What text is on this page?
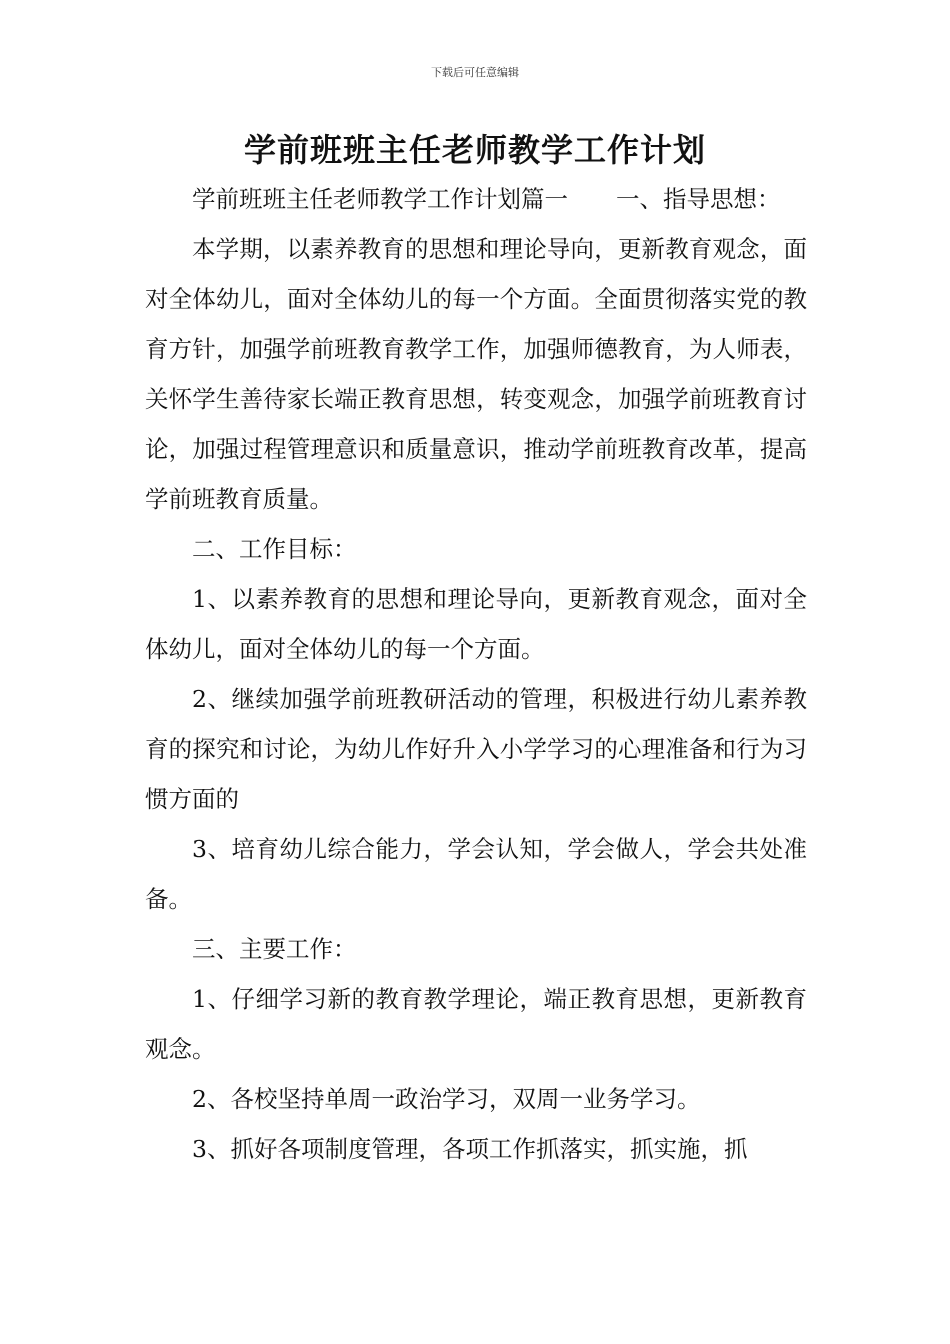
下载后可任意编辑
学前班班主任老师教学工作计划

学前班班主任老师教学工作计划篇一 一、指导思想：

本学期，以素养教育的思想和理论导向，更新教育观念，面对全体幼儿，面对全体幼儿的每一个方面。全面贯彻落实党的教育方针，加强学前班教育教学工作，加强师德教育，为人师表，关怀学生善待家长端正教育思想，转变观念，加强学前班教育讨论，加强过程管理意识和质量意识，推动学前班教育改革，提高学前班教育质量。

二、工作目标：

1、以素养教育的思想和理论导向，更新教育观念，面对全体幼儿，面对全体幼儿的每一个方面。

2、继续加强学前班教研活动的管理，积极进行幼儿素养教育的探究和讨论，为幼儿作好升入小学学习的心理准备和行为习惯方面的

3、培育幼儿综合能力，学会认知，学会做人，学会共处准备。

三、主要工作：

1、仔细学习新的教育教学理论，端正教育思想，更新教育观念。

2、各校坚持单周一政治学习，双周一业务学习。

3、抓好各项制度管理，各项工作抓落实，抓实施，抓
